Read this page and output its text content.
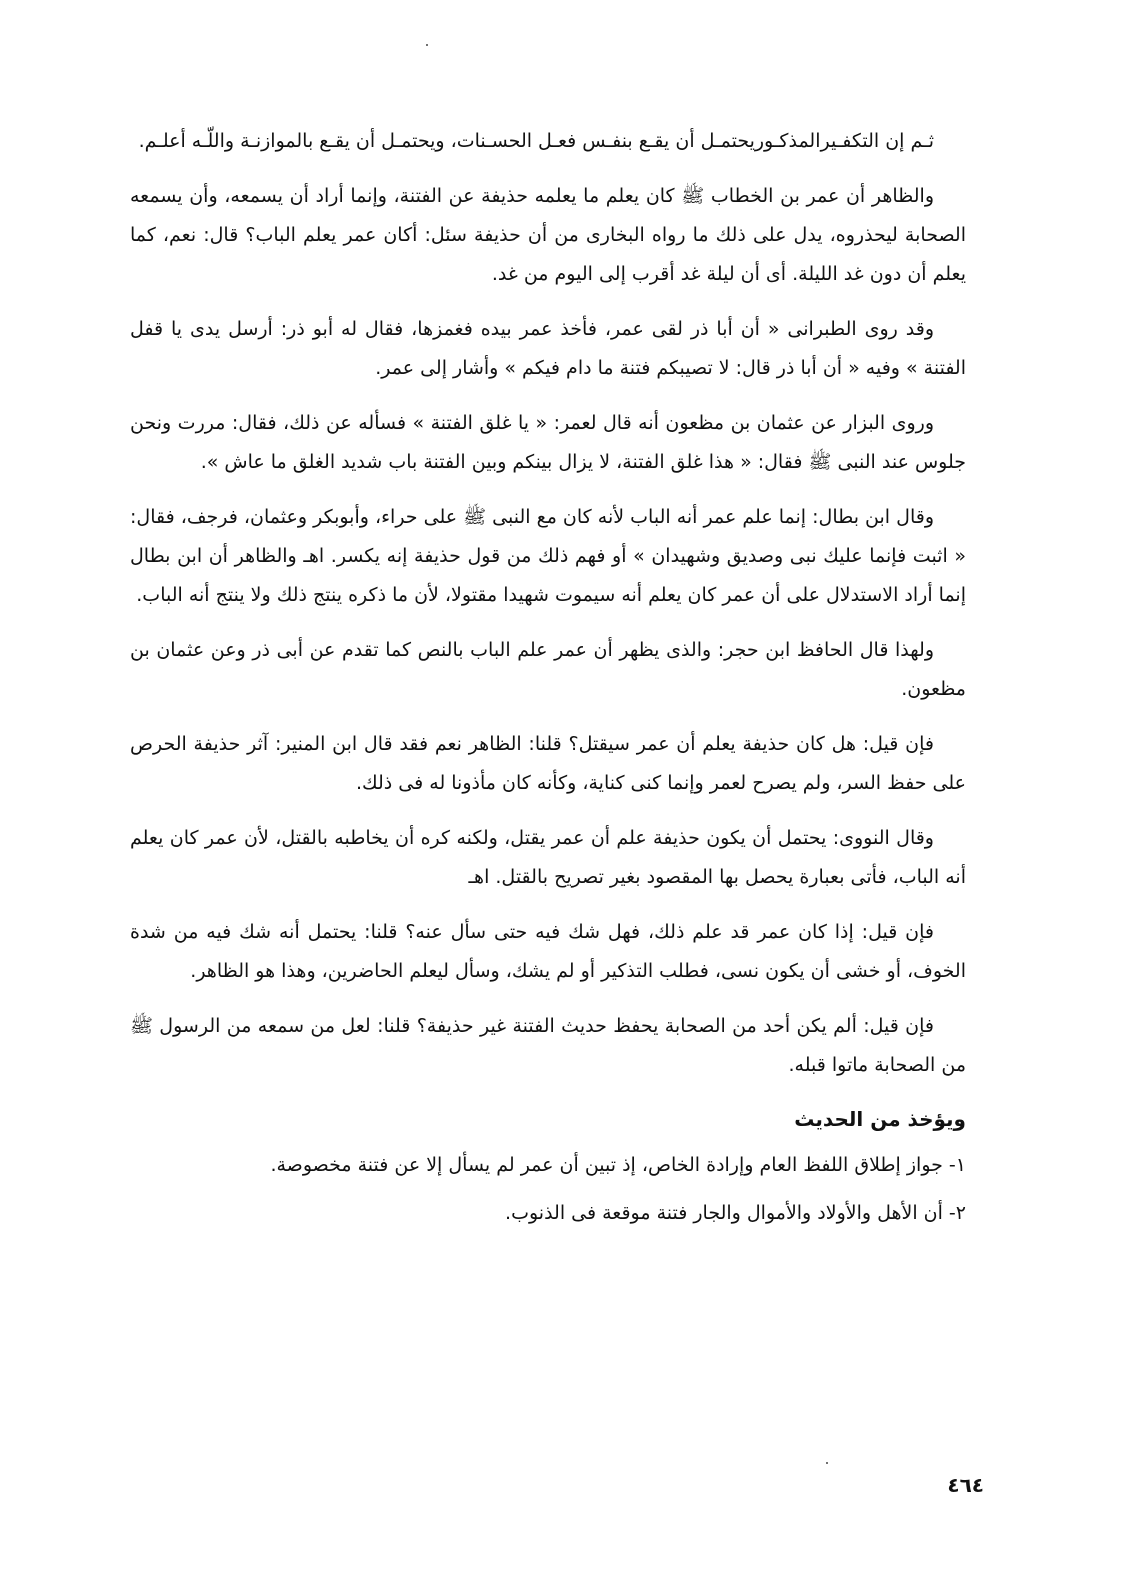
ثـم إن التكفـيرالمذكـوريحتمـل أن يقـع بنفـس فعـل الحسـنات، ويحتمـل أن يقـع بالموازنـة واللّـه أعلـم.

والظاهر أن عمر بن الخطاب ﷺ كان يعلم ما يعلمه حذيفة عن الفتنة، وإنما أراد أن يسمعه، وأن يسمعه الصحابة ليحذروه، يدل على ذلك ما رواه البخارى من أن حذيفة سئل: أكان عمر يعلم الباب؟ قال: نعم، كما يعلم أن دون غد الليلة. أى أن ليلة غد أقرب إلى اليوم من غد.

وقد روى الطبرانى « أن أبا ذر لقى عمر، فأخذ عمر بيده فغمزها، فقال له أبو ذر: أرسل يدى يا قفل الفتنة » وفيه « أن أبا ذر قال: لا تصيبكم فتنة ما دام فيكم » وأشار إلى عمر.

وروى البزار عن عثمان بن مظعون أنه قال لعمر: « يا غلق الفتنة » فسأله عن ذلك، فقال: مررت ونحن جلوس عند النبى ﷺ فقال: « هذا غلق الفتنة، لا يزال بينكم وبين الفتنة باب شديد الغلق ما عاش ».

وقال ابن بطال: إنما علم عمر أنه الباب لأنه كان مع النبى ﷺ على حراء، وأبوبكر وعثمان، فرجف، فقال: « اثبت فإنما عليك نبى وصديق وشهيدان » أو فهم ذلك من قول حذيفة إنه يكسر. اهـ والظاهر أن ابن بطال إنما أراد الاستدلال على أن عمر كان يعلم أنه سيموت شهيدا مقتولا، لأن ما ذكره ينتج ذلك ولا ينتج أنه الباب.

ولهذا قال الحافظ ابن حجر: والذى يظهر أن عمر علم الباب بالنص كما تقدم عن أبى ذر وعن عثمان بن مظعون.

فإن قيل: هل كان حذيفة يعلم أن عمر سيقتل؟ قلنا: الظاهر نعم فقد قال ابن المنير: آثر حذيفة الحرص على حفظ السر، ولم يصرح لعمر وإنما كنى كناية، وكأنه كان مأذونا له فى ذلك.

وقال النووى: يحتمل أن يكون حذيفة علم أن عمر يقتل، ولكنه كره أن يخاطبه بالقتل، لأن عمر كان يعلم أنه الباب، فأتى بعبارة يحصل بها المقصود بغير تصريح بالقتل. اهـ

فإن قيل: إذا كان عمر قد علم ذلك، فهل شك فيه حتى سأل عنه؟ قلنا: يحتمل أنه شك فيه من شدة الخوف، أو خشى أن يكون نسى، فطلب التذكير أو لم يشك، وسأل ليعلم الحاضرين، وهذا هو الظاهر.

فإن قيل: ألم يكن أحد من الصحابة يحفظ حديث الفتنة غير حذيفة؟ قلنا: لعل من سمعه من الرسول ﷺ من الصحابة ماتوا قبله.

ويؤخذ من الحديث

١- جواز إطلاق اللفظ العام وإرادة الخاص، إذ تبين أن عمر لم يسأل إلا عن فتنة مخصوصة.

٢- أن الأهل والأولاد والأموال والجار فتنة موقعة فى الذنوب.

٤٦٤
